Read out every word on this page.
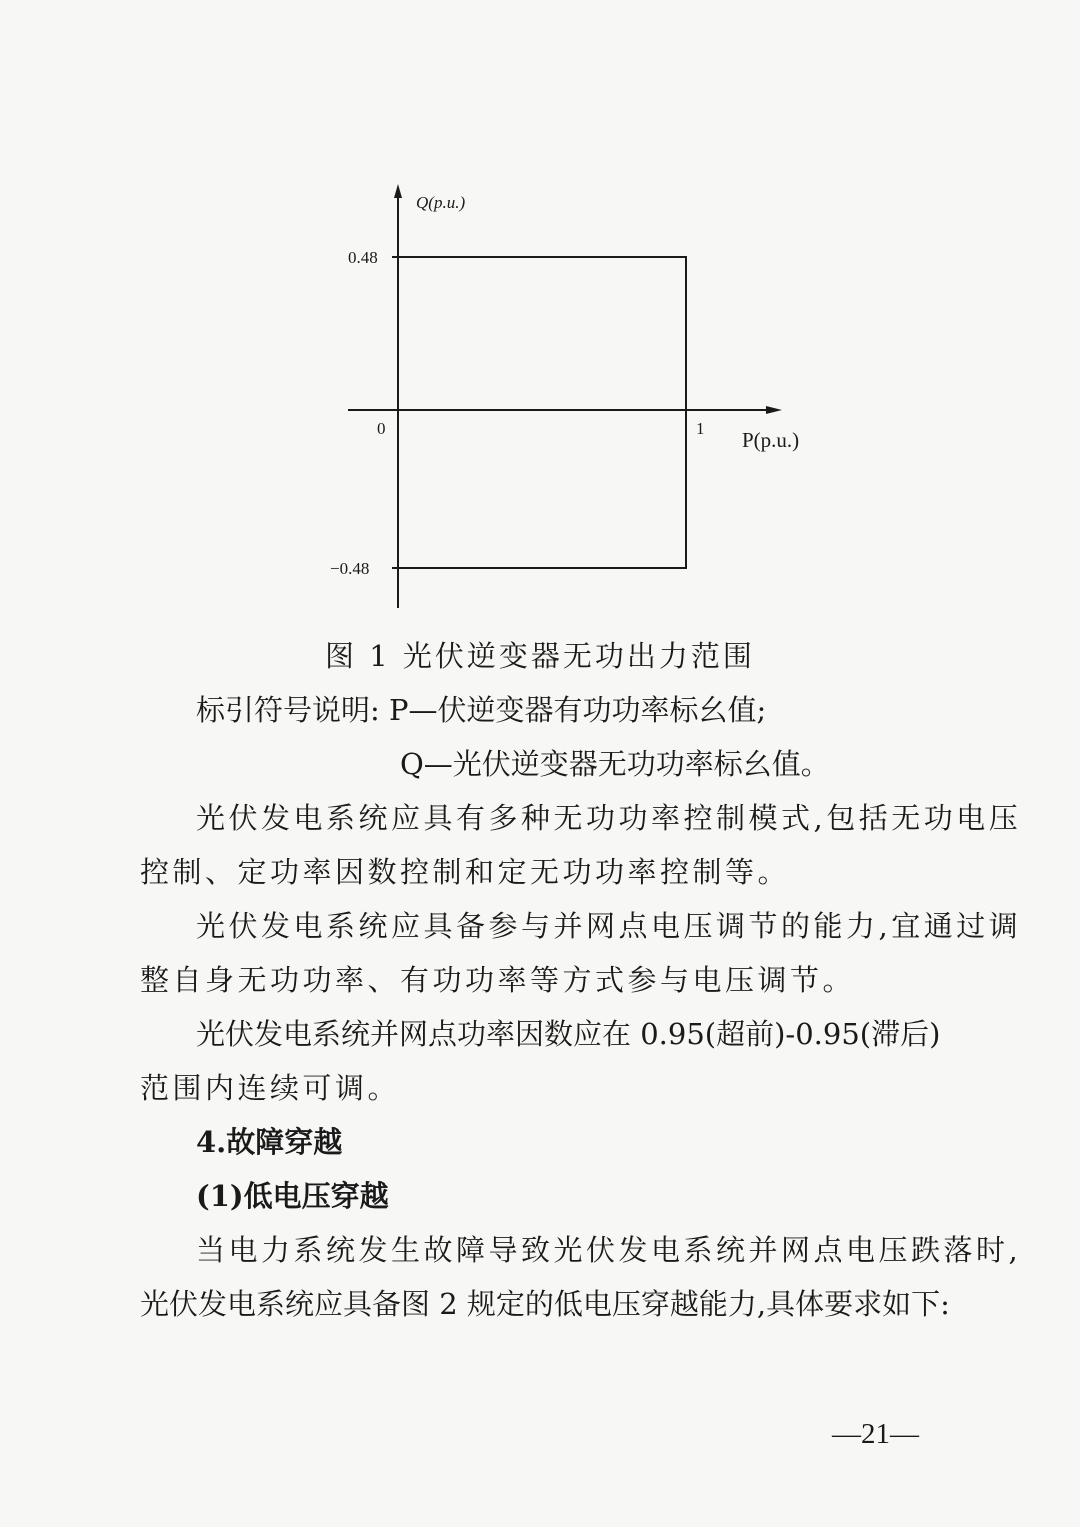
Q(p.u.)
0.48
0	1 P(p.u.)
−0.48
图 1 光伏逆变器无功出力范围
标引符号说明: P—伏逆变器有功功率标幺值;
Q—光伏逆变器无功功率标幺值。
光伏发电系统应具有多种无功功率控制模式,包括无功电压
控制、定功率因数控制和定无功功率控制等。
光伏发电系统应具备参与并网点电压调节的能力,宜通过调
整自身无功功率、有功功率等方式参与电压调节。
光伏发电系统并网点功率因数应在 0.95(超前)-0.95(滞后)
范围内连续可调。
4.故障穿越
(1)低电压穿越
当电力系统发生故障导致光伏发电系统并网点电压跌落时,
光伏发电系统应具备图 2 规定的低电压穿越能力,具体要求如下:
—21—
